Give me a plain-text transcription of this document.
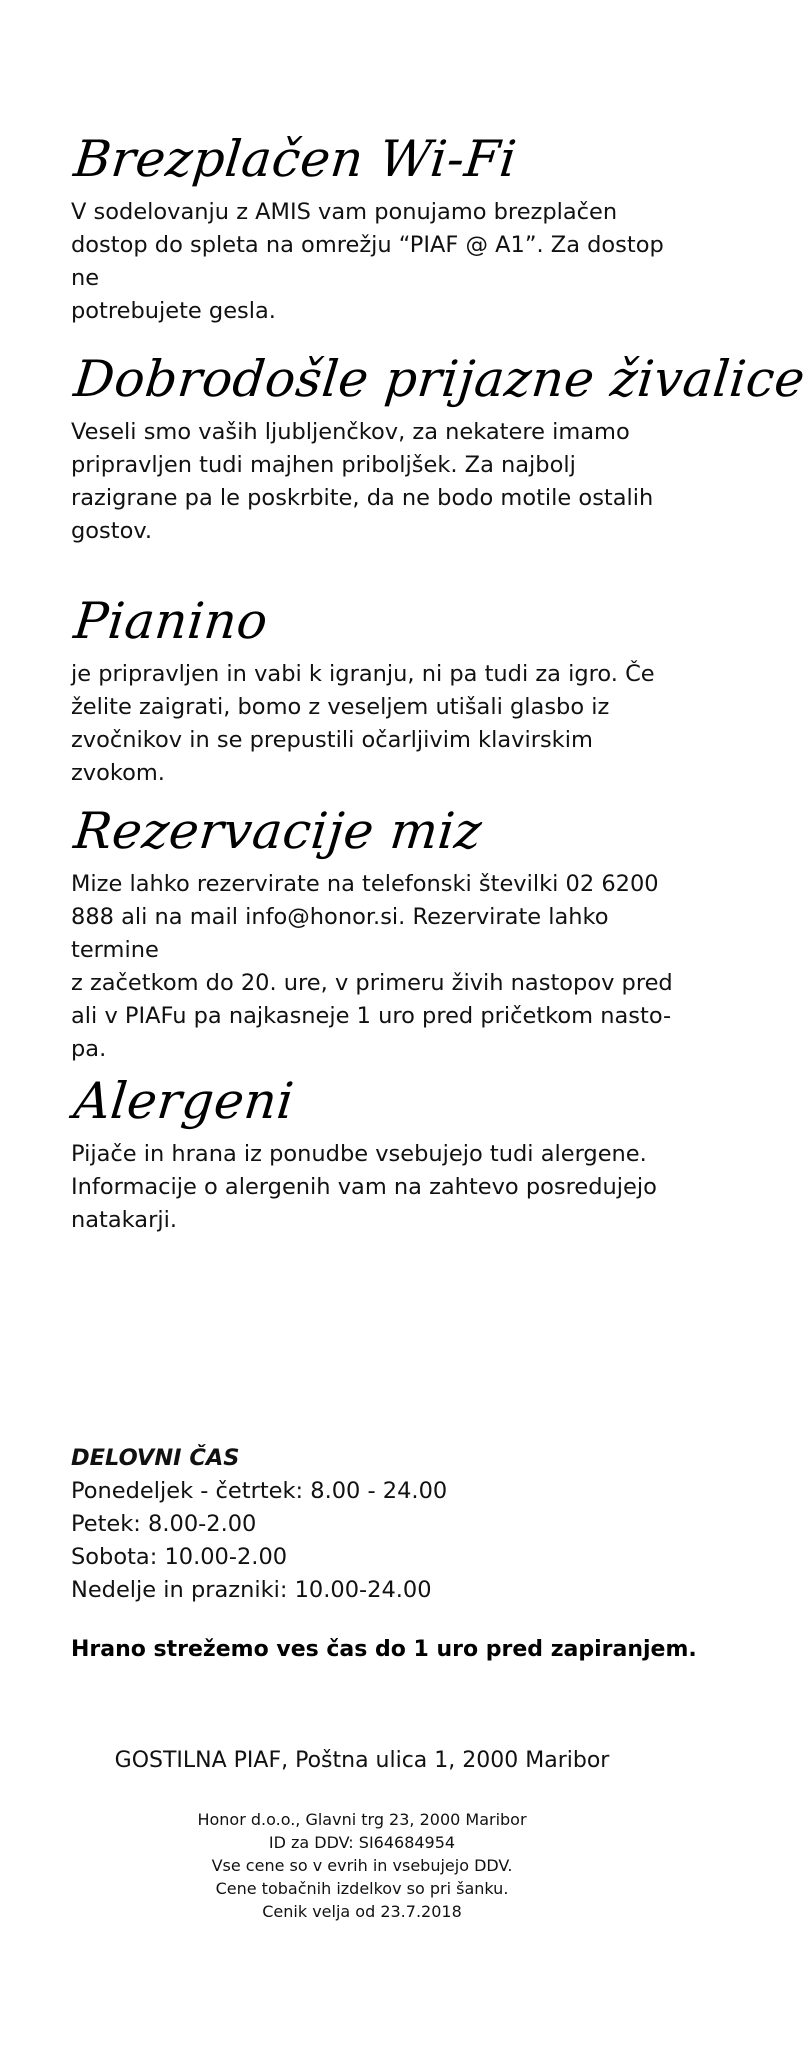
Brezplačen Wi-Fi
V sodelovanju z AMIS vam ponujamo brezplačen
dostop do spleta na omrežju “PIAF @ A1”. Za dostop ne
potrebujete gesla.
Dobrodošle prijazne živalice
Veseli smo vaših ljubljenčkov, za nekatere imamo
pripravljen tudi majhen priboljšek. Za najbolj
razigrane pa le poskrbite, da ne bodo motile ostalih
gostov.
Pianino
je pripravljen in vabi k igranju, ni pa tudi za igro. Če
želite zaigrati, bomo z veseljem utišali glasbo iz
zvočnikov in se prepustili očarljivim klavirskim zvokom.
Rezervacije miz
Mize lahko rezervirate na telefonski številki 02 6200
888 ali na mail info@honor.si. Rezervirate lahko termine
z začetkom do 20. ure, v primeru živih nastopov pred
ali v PIAFu pa najkasneje 1 uro pred pričetkom nasto-
pa.
Alergeni
Pijače in hrana iz ponudbe vsebujejo tudi alergene.
Informacije o alergenih vam na zahtevo posredujejo
natakarji.
DELOVNI ČAS
Ponedeljek - četrtek: 8.00 - 24.00
Petek: 8.00-2.00
Sobota: 10.00-2.00
Nedelje in prazniki: 10.00-24.00
Hrano strežemo ves čas do 1 uro pred zapiranjem.
GOSTILNA PIAF, Poštna ulica 1, 2000 Maribor
Honor d.o.o., Glavni trg 23, 2000 Maribor
ID za DDV: SI64684954
Vse cene so v evrih in vsebujejo DDV.
Cene tobačnih izdelkov so pri šanku.
Cenik velja od 23.7.2018
